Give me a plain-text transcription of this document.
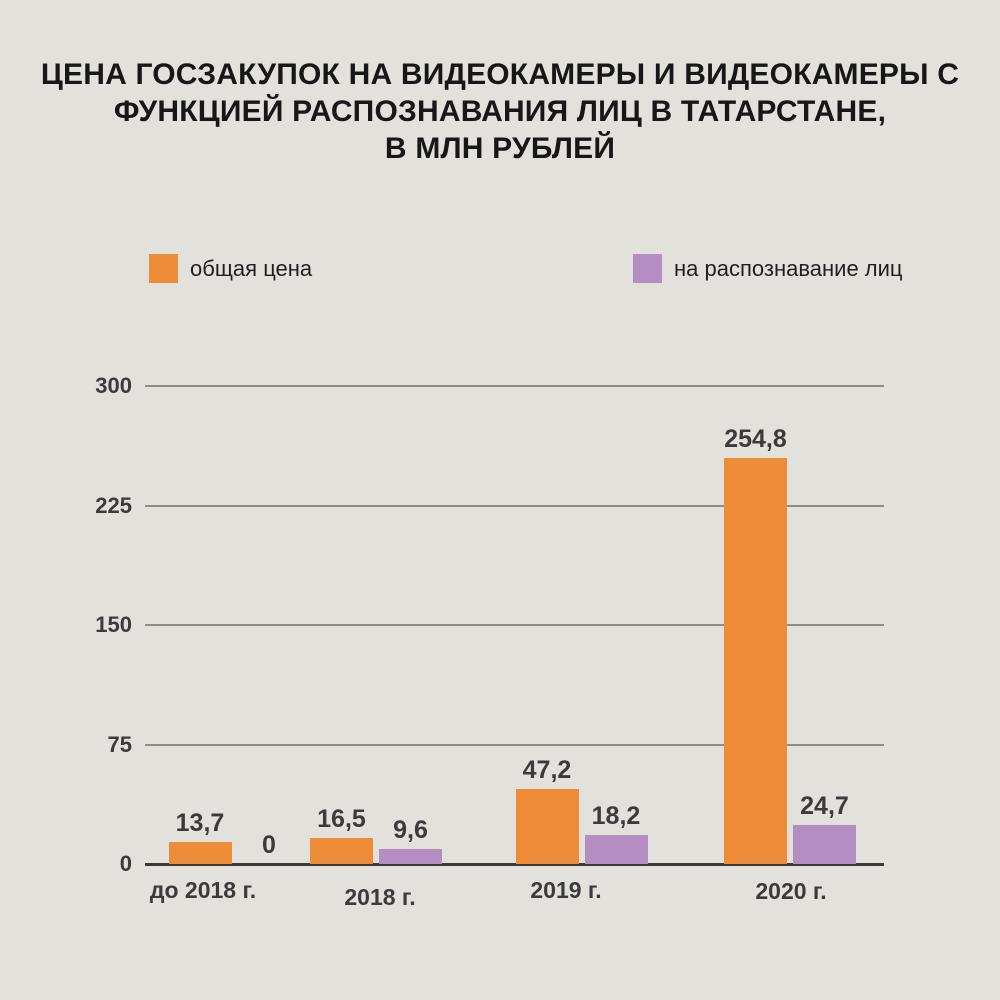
ЦЕНА ГОСЗАКУПОК НА ВИДЕОКАМЕРЫ И ВИДЕОКАМЕРЫ С
ФУНКЦИЕЙ РАСПОЗНАВАНИЯ ЛИЦ В ТАТАРСТАНЕ,
В МЛН РУБЛЕЙ
общая цена	на распознавание лиц
0
75
150
225
300
13,7	16,5
47,2
254,8
0
9,6	18,2	24,7
до 2018 г.	2018 г.	2019 г.	2020 г.
